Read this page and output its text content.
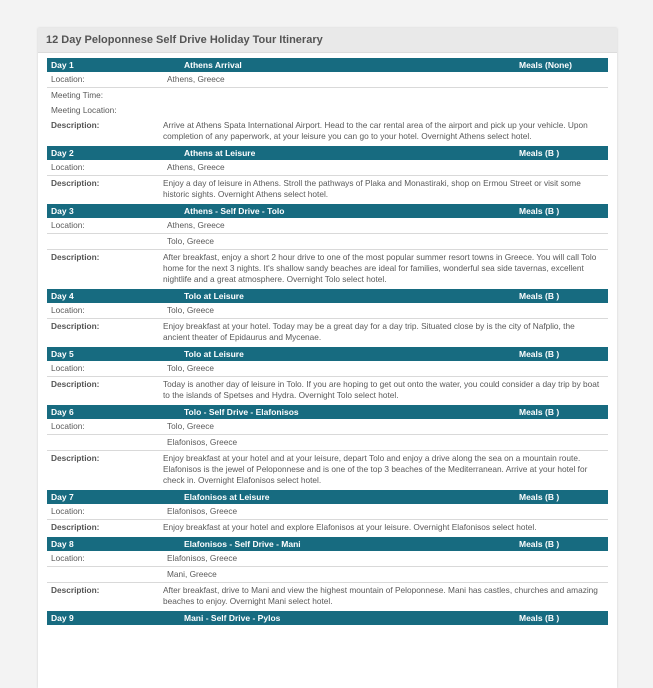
12 Day Peloponnese Self Drive Holiday Tour Itinerary
Day 1	Athens Arrival	Meals (None)
Location:	Athens, Greece
Meeting Time:
Meeting Location:
Description:	Arrive at Athens Spata International Airport. Head to the car rental area of the airport and pick up your vehicle. Upon completion of any paperwork, at your leisure you can go to your hotel. Overnight Athens select hotel.
Day 2	Athens at Leisure	Meals (B )
Location:	Athens, Greece
Description:	Enjoy a day of leisure in Athens. Stroll the pathways of Plaka and Monastiraki, shop on Ermou Street or visit some historic sights. Overnight Athens select hotel.
Day 3	Athens - Self Drive - Tolo	Meals (B )
Location:	Athens, Greece
Tolo, Greece
Description:	After breakfast, enjoy a short 2 hour drive to one of the most popular summer resort towns in Greece. You will call Tolo home for the next 3 nights. It's shallow sandy beaches are ideal for families, wonderful sea side tavernas, excellent nightlife and a great atmosphere. Overnight Tolo select hotel.
Day 4	Tolo at Leisure	Meals (B )
Location:	Tolo, Greece
Description:	Enjoy breakfast at your hotel. Today may be a great day for a day trip. Situated close by is the city of Nafplio, the ancient theater of Epidaurus and Mycenae.
Day 5	Tolo at Leisure	Meals (B )
Location:	Tolo, Greece
Description:	Today is another day of leisure in Tolo. If you are hoping to get out onto the water, you could consider a day trip by boat to the islands of Spetses and Hydra. Overnight Tolo select hotel.
Day 6	Tolo - Self Drive - Elafonisos	Meals (B )
Location:	Tolo, Greece
Elafonisos, Greece
Description:	Enjoy breakfast at your hotel and at your leisure, depart Tolo and enjoy a drive along the sea on a mountain route. Elafonisos is the jewel of Peloponnese and is one of the top 3 beaches of the Mediterranean. Arrive at your hotel for check in. Overnight Elafonisos select hotel.
Day 7	Elafonisos at Leisure	Meals (B )
Location:	Elafonisos, Greece
Description:	Enjoy breakfast at your hotel and explore Elafonisos at your leisure. Overnight Elafonisos select hotel.
Day 8	Elafonisos - Self Drive - Mani	Meals (B )
Location:	Elafonisos, Greece
Mani, Greece
Description:	After breakfast, drive to Mani and view the highest mountain of Peloponnese. Mani has castles, churches and amazing beaches to enjoy. Overnight Mani select hotel.
Day 9	Mani - Self Drive - Pylos	Meals (B )
